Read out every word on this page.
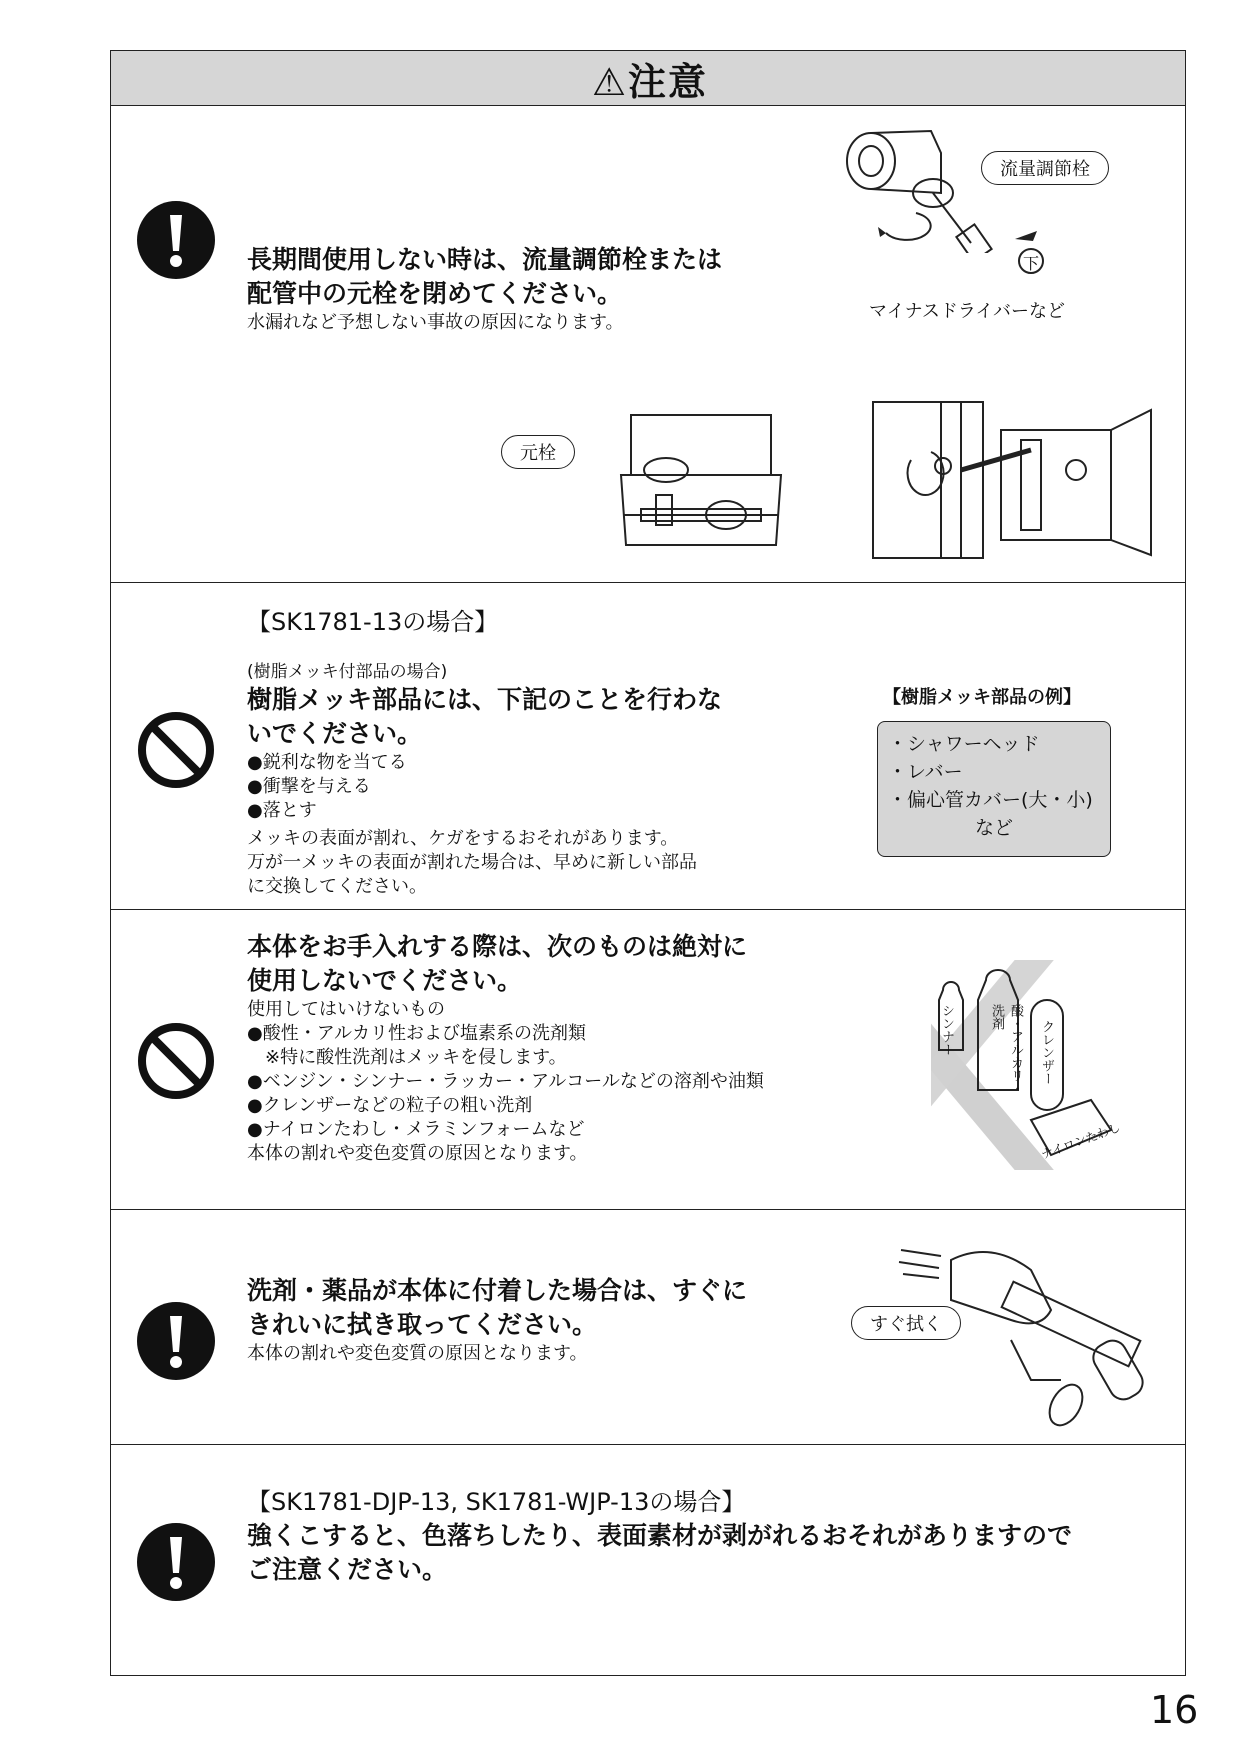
⚠注意
長期間使用しない時は、流量調節栓または
配管中の元栓を閉めてください。
水漏れなど予想しない事故の原因になります。
流量調節栓
下
マイナスドライバーなど
元栓
【SK1781-13の場合】
(樹脂メッキ付部品の場合)
樹脂メッキ部品には、下記のことを行わな
いでください。
●鋭利な物を当てる
●衝撃を与える
●落とす
メッキの表面が割れ、ケガをするおそれがあります。
万が一メッキの表面が割れた場合は、早めに新しい部品
に交換してください。
【樹脂メッキ部品の例】
・シャワーヘッド
・レバー
・偏心管カバー(大・小)
など
本体をお手入れする際は、次のものは絶対に
使用しないでください。
使用してはいけないもの
●酸性・アルカリ性および塩素系の洗剤類
※特に酸性洗剤はメッキを侵します。
●ベンジン・シンナー・ラッカー・アルコールなどの溶剤や油類
●クレンザーなどの粒子の粗い洗剤
●ナイロンたわし・メラミンフォームなど
本体の割れや変色変質の原因となります。
シンナー	酸・アルカリ・洗剤
クレンザー
ナイロンたわし
洗剤・薬品が本体に付着した場合は、すぐに
きれいに拭き取ってください。
本体の割れや変色変質の原因となります。
すぐ拭く
【SK1781-DJP-13, SK1781-WJP-13の場合】
強くこすると、色落ちしたり、表面素材が剥がれるおそれがありますので
ご注意ください。
16
